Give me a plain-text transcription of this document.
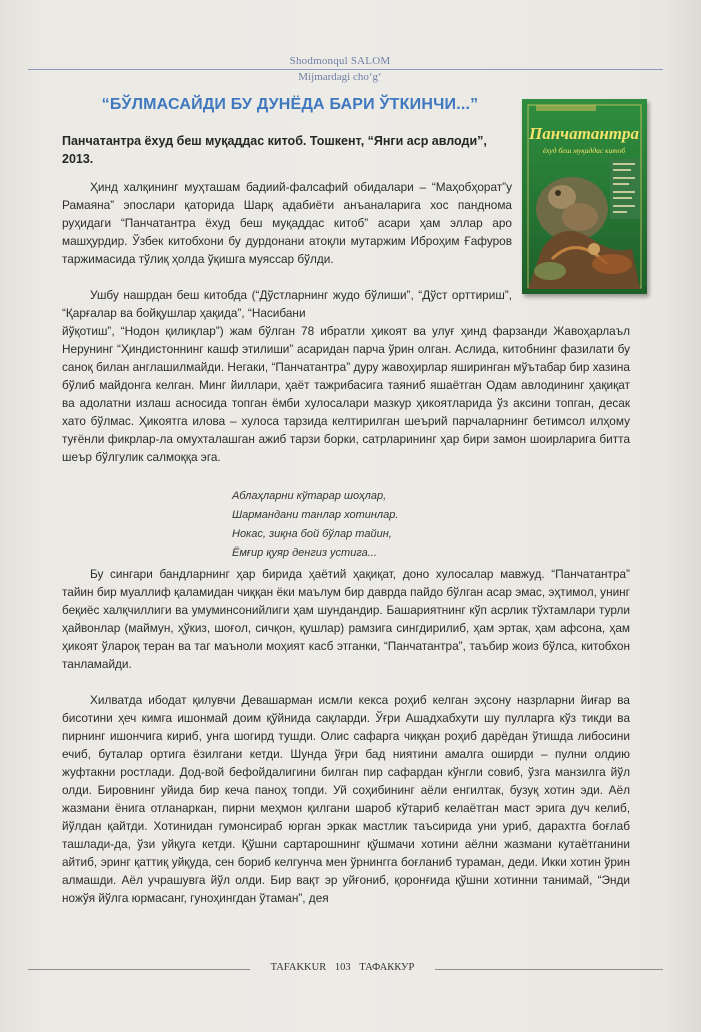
Shodmonqul SALOM
Mijmardagi cho‘g‘
“БЎЛМАСАЙДИ БУ ДУНЁДА БАРИ ЎТКИНЧИ...”
Панчатантра
ёхуд беш муқаддас китоб

Панчатантра ёхуд беш муқаддас китоб. Тошкент, “Янги аср авлоди”, 2013.

Ҳинд халқининг муҳташам бадиий-фалсафий обидалари – “Маҳобҳорат”у Рамаяна” эпослари қаторида Шарқ адабиёти анъаналарига хос пандномa руҳидаги “Панчатантра ёхуд беш муқаддас китоб” асари ҳам эллар аро машҳурдир. Ўзбек китобхони бу дурдонани атоқли мутаржим Иброҳим Ғафуров таржимасида тўлиқ ҳолда ўқишга муяссар бўлди.

Ушбу нашрдан беш китобда (“Дўстларнинг жудо бўлиши”, “Дўст орттириш”, “Қарғалар ва бойқушлар ҳақида”, “Насибани

йўқотиш”, “Нодон қилиқлар”) жам бўлган 78 ибратли ҳикоят ва улуғ ҳинд фарзанди Жавоҳарлаъл Нерунинг “Ҳиндистоннинг кашф этилиши” асаридан парча ўрин олган. Аслида, китобнинг фазилати бу саноқ билан англашилмайди. Негаки, “Панчатантра” дуру жавоҳирлар яширинган мўътабар бир хазина бўлиб майдонга келган. Минг йиллари, ҳаёт тажрибасига таяниб яшаётган Одам авлодининг ҳақиқат ва адолатни излаш асносида топган ёмби хулосалари мазкур ҳикоятларида ўз аксини топган, десак хато бўлмас. Ҳикоятга илова – хулоса тарзида келтирилган шеърий парчаларнинг бетимсол илҳому туғёнли фикрлар-ла омухталашган ажиб тарзи борки, сатрларининг ҳар бири замон шоирларига битта шеър бўлгулик салмоққа эга.

Аблаҳларни кўтарар шоҳлар,
Шармандани танлар хотинлар.
Нокас, зиқна бой бўлар тайин,
Ёмғир қуяр денгиз устига...

Бу сингари бандларнинг ҳар бирида ҳаётий ҳақиқат, доно хулосалар мавжуд. “Панчатантра” тайин бир муаллиф қаламидан чиққан ёки маълум бир даврда пайдо бўлган асар эмас, эҳтимол, унинг беқиёс халқчиллиги ва умуминсонийлиги ҳам шундандир. Башариятнинг кўп асрлик тўхтамлари турли ҳайвонлар (маймун, ҳўкиз, шоғол, сичқон, қушлар) рамзига сингдирилиб, ҳам эртак, ҳам афсона, ҳам ҳикоят ўлароқ теран ва таг маъноли моҳият касб этганки, “Панчатантра”, таъбир жоиз бўлса, китобхон танламайди.

Хилватда ибодат қилувчи Девашарман исмли кекса роҳиб келган эҳсону назрларни йиғар ва бисотини ҳеч кимга ишонмай доим қўйнида сақларди. Ўғри Ашадхабхути шу пулларга кўз тикди ва пирнинг ишончига кириб, унга шогирд тушди. Олис сафарга чиққан роҳиб дарёдан ўтишда либосини ечиб, буталар ортига ёзилгани кетди. Шунда ўғри бад ниятини амалга оширди – пулни олдию жуфтакни ростлади. Дод-вой бефойдалигини билган пир сафардан кўнгли совиб, ўзга манзилга йўл олди. Бировнинг уйида бир кеча паноҳ топди. Уй соҳибининг аёли енгилтак, бузуқ хотин эди. Аёл жазмани ёнига отланаркан, пирни меҳмон қилгани шароб кўтариб келаётган маст эрига дуч келиб, йўлдан қайтди. Хотинидан гумонсираб юрган эркак мастлик таъсирида уни уриб, дарахтга боғлаб ташлади-да, ўзи уйқуга кетди. Қўшни сартарошнинг қўшмачи хотини аёлни жазмани кутаётганини айтиб, эринг қаттиқ уйқуда, сен бориб келгунча мен ўрнингга боғланиб тураман, деди. Икки хотин ўрин алмашди. Аёл учрашувга йўл олди. Бир вақт эр уйғониб, қоронғида қўшни хотинни танимай, “Энди ножўя йўлга юрмасанг, гуноҳингдан ўтаман”, дея

TAFAKKUR 103 ТАФАККУР
